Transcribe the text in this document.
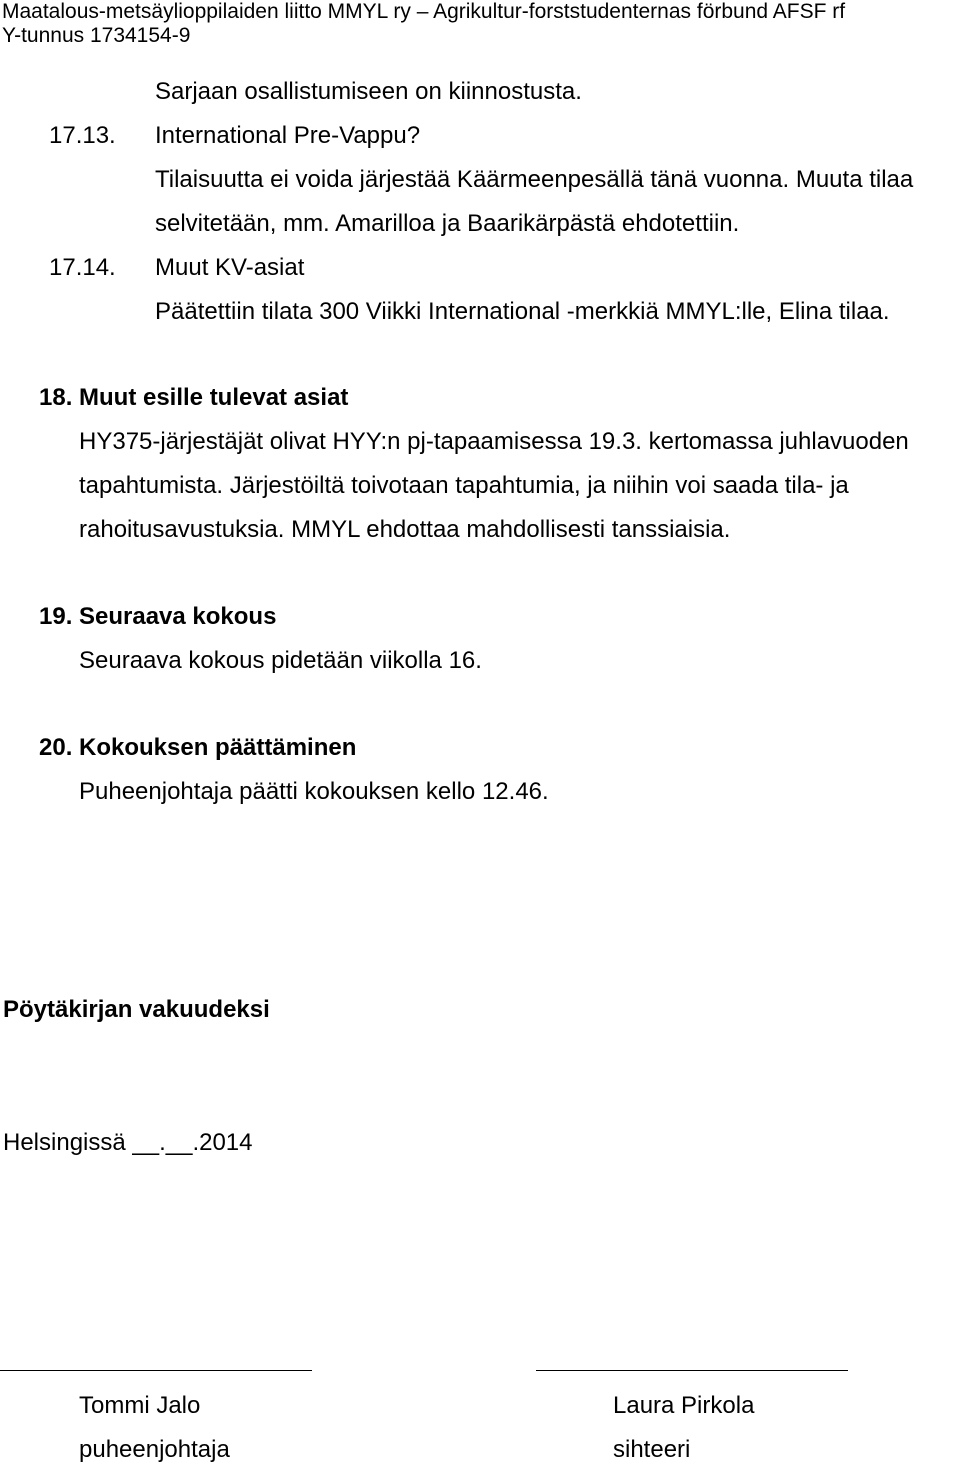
Maatalous-metsäylioppilaiden liitto MMYL ry – Agrikultur-forststudenternas förbund AFSF rf
Y-tunnus 1734154-9
Sarjaan osallistumiseen on kiinnostusta.
17.13. International Pre-Vappu?
Tilaisuutta ei voida järjestää Käärmeenpesällä tänä vuonna. Muuta tilaa
selvitetään, mm. Amarilloa ja Baarikärpästä ehdotettiin.
17.14. Muut KV-asiat
Päätettiin tilata 300 Viikki International -merkkiä MMYL:lle, Elina tilaa.
18. Muut esille tulevat asiat
HY375-järjestäjät olivat HYY:n pj-tapaamisessa 19.3. kertomassa juhlavuoden
tapahtumista. Järjestöiltä toivotaan tapahtumia, ja niihin voi saada tila- ja
rahoitusavustuksia. MMYL ehdottaa mahdollisesti tanssiaisia.
19. Seuraava kokous
Seuraava kokous pidetään viikolla 16.
20. Kokouksen päättäminen
Puheenjohtaja päätti kokouksen kello 12.46.
Pöytäkirjan vakuudeksi
Helsingissä __.__.2014
Tommi Jalo
puheenjohtaja
Laura Pirkola
sihteeri
